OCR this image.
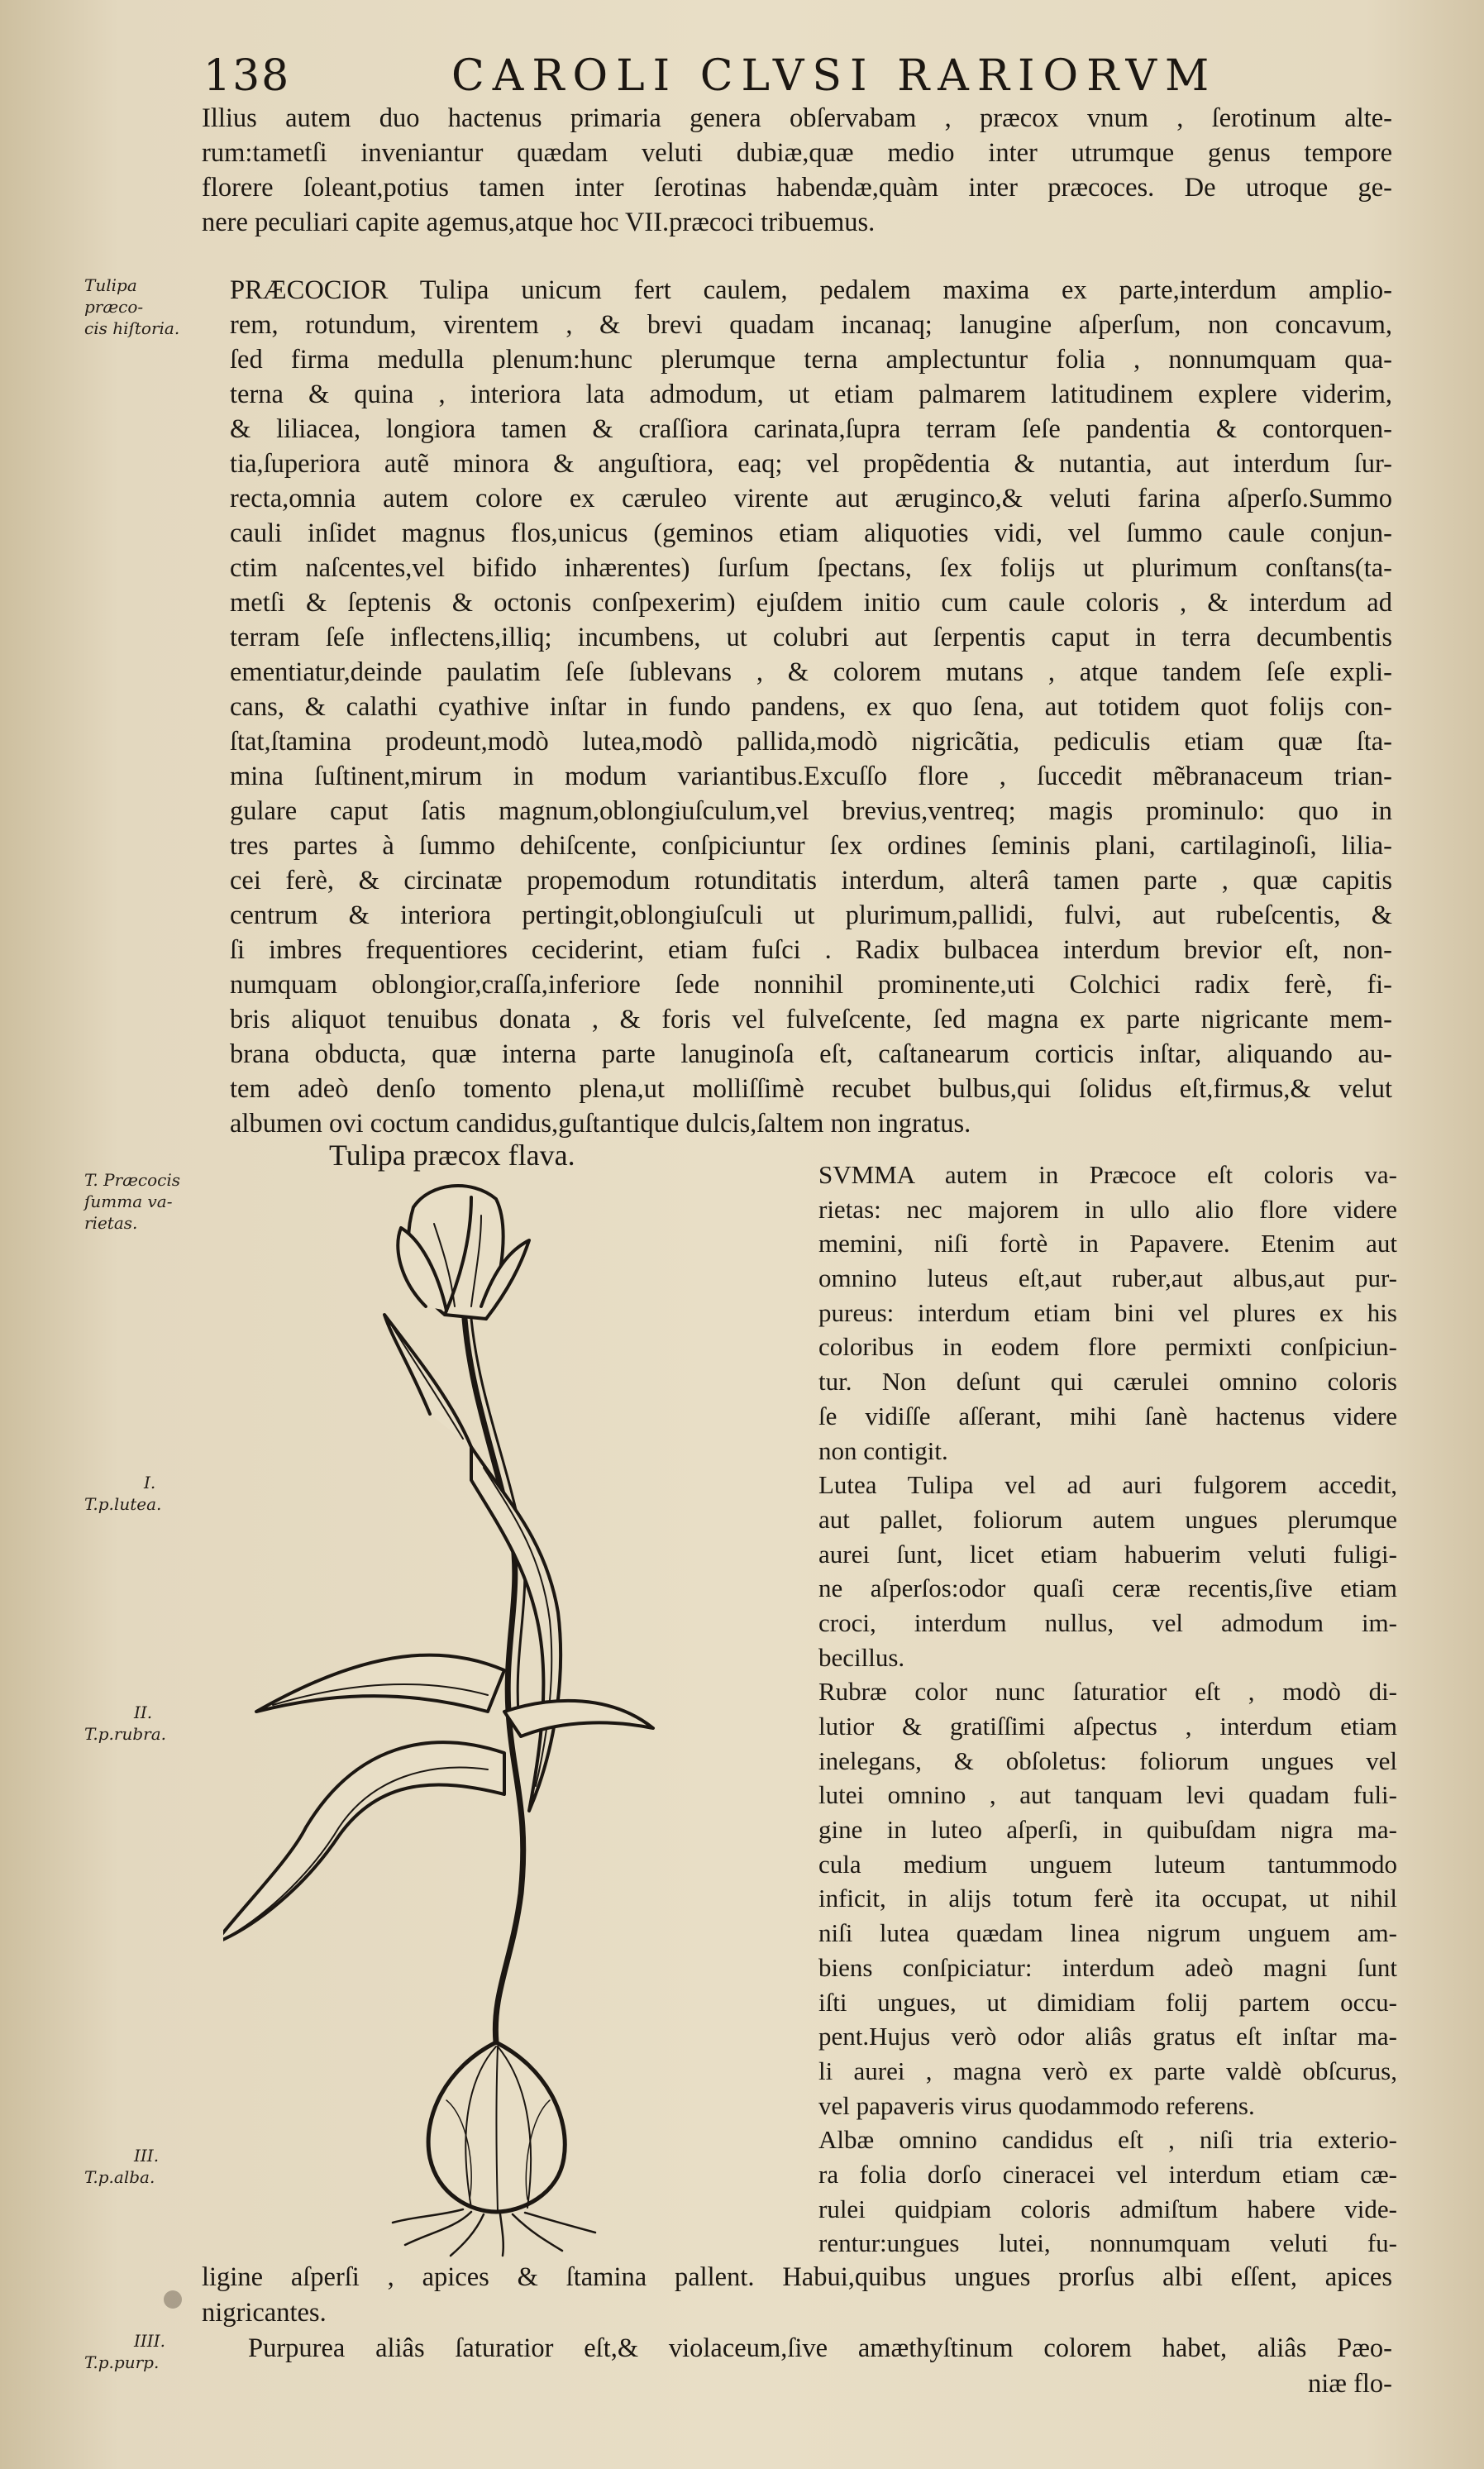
138	CAROLI CLVSI RARIORVM
Illius autem duo hactenus primaria genera obſervabam , præcox vnum , ſerotinum alte-
rum:tametſi inveniantur quædam veluti dubiæ,quæ medio inter utrumque genus tempore
florere ſoleant,potius tamen inter ſerotinas habendæ,quàm inter præcoces. De utroque ge-
nere peculiari capite agemus,atque hoc VII.præcoci tribuemus.
PRÆCOCIOR Tulipa unicum fert caulem, pedalem maxima ex parte,interdum amplio-
rem, rotundum, virentem , & brevi quadam incanaq; lanugine aſperſum, non concavum,
ſed firma medulla plenum:hunc plerumque terna amplectuntur folia , nonnumquam qua-
terna & quina , interiora lata admodum, ut etiam palmarem latitudinem explere viderim,
& liliacea, longiora tamen & craſſiora carinata,ſupra terram ſeſe pandentia & contorquen-
tia,ſuperiora autẽ minora & anguſtiora, eaq; vel propẽdentia & nutantia, aut interdum ſur-
recta,omnia autem colore ex cæruleo virente aut æruginco,& veluti farina aſperſo.Summo
cauli inſidet magnus flos,unicus (geminos etiam aliquoties vidi, vel ſummo caule conjun-
ctim naſcentes,vel bifido inhærentes) ſurſum ſpectans, ſex folijs ut plurimum conſtans(ta-
metſi & ſeptenis & octonis conſpexerim) ejuſdem initio cum caule coloris , & interdum ad
terram ſeſe inflectens,illiq; incumbens, ut colubri aut ſerpentis caput in terra decumbentis
ementiatur,deinde paulatim ſeſe ſublevans , & colorem mutans , atque tandem ſeſe expli-
cans, & calathi cyathive inſtar in fundo pandens, ex quo ſena, aut totidem quot folijs con-
ſtat,ſtamina prodeunt,modò lutea,modò pallida,modò nigricãtia, pediculis etiam quæ ſta-
mina ſuſtinent,mirum in modum variantibus.Excuſſo flore , ſuccedit mẽbranaceum trian-
gulare caput ſatis magnum,oblongiuſculum,vel brevius,ventreq; magis prominulo: quo in
tres partes à ſummo dehiſcente, conſpiciuntur ſex ordines ſeminis plani, cartilaginoſi, lilia-
cei ferè, & circinatæ propemodum rotunditatis interdum, alterâ tamen parte , quæ capitis
centrum & interiora pertingit,oblongiuſculi ut plurimum,pallidi, fulvi, aut rubeſcentis, &
ſi imbres frequentiores ceciderint, etiam fuſci . Radix bulbacea interdum brevior eſt, non-
numquam oblongior,craſſa,inferiore ſede nonnihil prominente,uti Colchici radix ferè, fi-
bris aliquot tenuibus donata , & foris vel fulveſcente, ſed magna ex parte nigricante mem-
brana obducta, quæ interna parte lanuginoſa eſt, caſtanearum corticis inſtar, aliquando au-
tem adeò denſo tomento plena,ut molliſſimè recubet bulbus,qui ſolidus eſt,firmus,& velut
albumen ovi coctum candidus,guſtantique dulcis,ſaltem non ingratus.
Tulipa præcox flava.
SVMMA autem in Præcoce eſt coloris va-
rietas: nec majorem in ullo alio flore videre
memini, niſi fortè in Papavere. Etenim aut
omnino luteus eſt,aut ruber,aut albus,aut pur-
pureus: interdum etiam bini vel plures ex his
coloribus in eodem flore permixti conſpiciun-
tur. Non deſunt qui cærulei omnino coloris
ſe vidiſſe aſſerant, mihi ſanè hactenus videre
non contigit.
Lutea Tulipa vel ad auri fulgorem accedit,
aut pallet, foliorum autem ungues plerumque
aurei ſunt, licet etiam habuerim veluti fuligi-
ne aſperſos:odor quaſi ceræ recentis,ſive etiam
croci, interdum nullus, vel admodum im-
becillus.
Rubræ color nunc ſaturatior eſt , modò di-
lutior & gratiſſimi aſpectus , interdum etiam
inelegans, & obſoletus: foliorum ungues vel
lutei omnino , aut tanquam levi quadam fuli-
gine in luteo aſperſi, in quibuſdam nigra ma-
cula medium unguem luteum tantummodo
inficit, in alijs totum ferè ita occupat, ut nihil
niſi lutea quædam linea nigrum unguem am-
biens conſpiciatur: interdum adeò magni ſunt
iſti ungues, ut dimidiam folij partem occu-
pent.Hujus verò odor aliâs gratus eſt inſtar ma-
li aurei , magna verò ex parte valdè obſcurus,
vel papaveris virus quodammodo referens.
Albæ omnino candidus eſt , niſi tria exterio-
ra folia dorſo cineracei vel interdum etiam cæ-
rulei quidpiam coloris admiſtum habere vide-
rentur:ungues lutei, nonnumquam veluti fu-
ligine aſperſi , apices & ſtamina pallent. Habui,quibus ungues prorſus albi eſſent, apices
nigricantes.
Purpurea aliâs ſaturatior eſt,& violaceum,ſive amæthyſtinum colorem habet, aliâs Pæo-
niæ flo-
Tulipa præco-
cis hiſtoria.
T. Præcocis
ſumma va-
rietas.
I.
T.p.lutea.
II.
T.p.rubra.
III.
T.p.alba.
IIII.
T.p.purp.
